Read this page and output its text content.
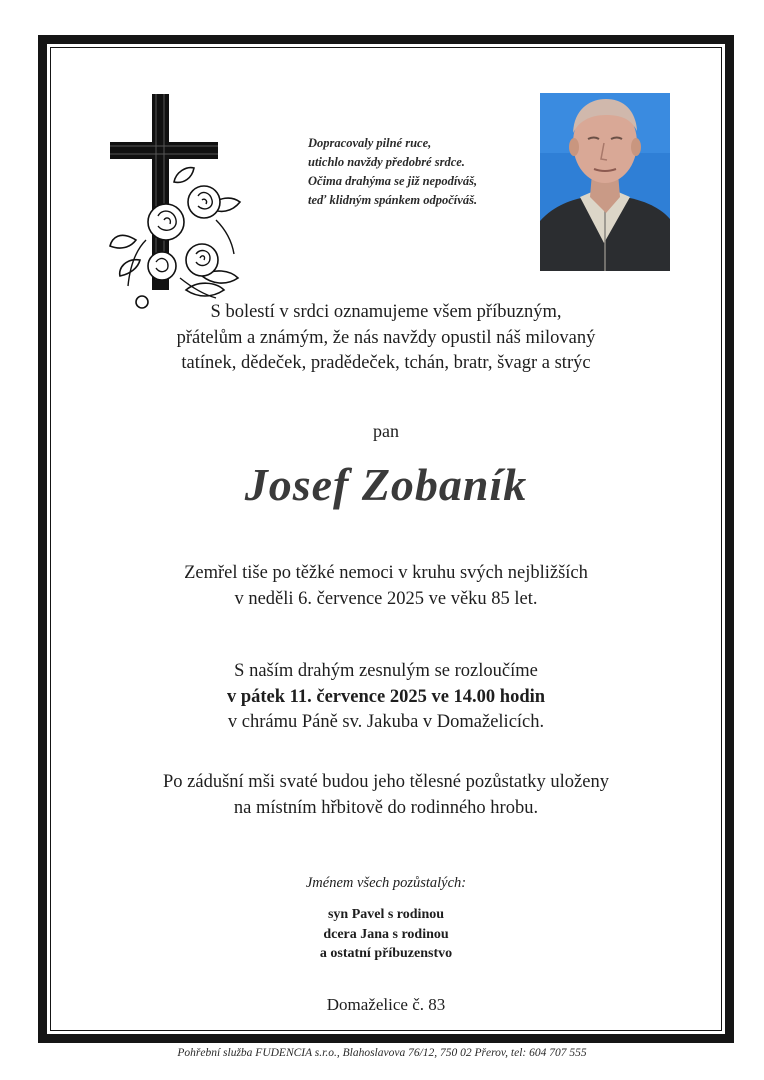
Dopracovaly pilné ruce,
utichlo navždy předobré srdce.
Očima drahýma se již nepodíváš,
teď klidným spánkem odpočíváš.
S bolestí v srdci oznamujeme všem příbuzným,
přátelům a známým, že nás navždy opustil náš milovaný
tatínek, dědeček, pradědeček, tchán, bratr, švagr a strýc
pan
Josef Zobaník
Zemřel tiše po těžké nemoci v kruhu svých nejbližších
v neděli 6. července 2025 ve věku 85 let.
S naším drahým zesnulým se rozloučíme
v pátek 11. července 2025 ve 14.00 hodin
v chrámu Páně sv. Jakuba v Domaželicích.
Po zádušní mši svaté budou jeho tělesné pozůstatky uloženy
na místním hřbitově do rodinného hrobu.
Jménem všech pozůstalých:
syn Pavel s rodinou
dcera Jana s rodinou
a ostatní příbuzenstvo
Domaželice č. 83
Pohřební služba FUDENCIA s.r.o., Blahoslavova 76/12, 750 02 Přerov, tel: 604 707 555
